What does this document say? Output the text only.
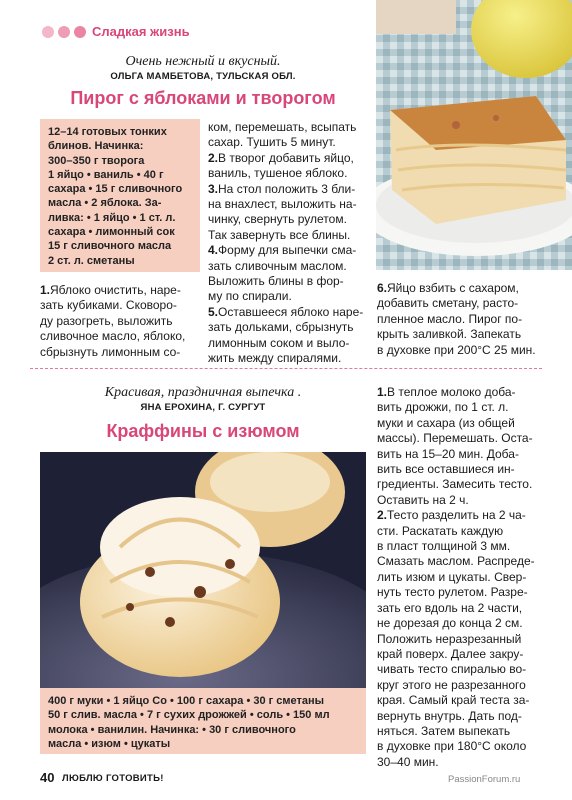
Сладкая жизнь
Очень нежный и вкусный.
ОЛЬГА МАМБЕТОВА, ТУЛЬСКАЯ ОБЛ.
Пирог с яблоками и творогом
12–14 готовых тонких
блинов. Начинка:
300–350 г творога
1 яйцо • ваниль • 40 г
сахара • 15 г сливочного
масла • 2 яблока. За-
ливка: • 1 яйцо • 1 ст. л.
сахара • лимонный сок
15 г сливочного масла
2 ст. л. сметаны

1.Яблоко очистить, наре-

зать кубиками. Сковоро-

ду разогреть, выложить

сливочное масло, яблоко,

сбрызнуть лимонным со-

ком, перемешать, всыпать

сахар. Тушить 5 минут.

2.В творог добавить яйцо,

ваниль, тушеное яблоко.

3.На стол положить 3 бли-

на внахлест, выложить на-

чинку, свернуть рулетом.

Так завернуть все блины.

4.Форму для выпечки сма-

зать сливочным маслом.

Выложить блины в фор-

му по спирали.

5.Оставшееся яблоко наре-

зать дольками, сбрызнуть

лимонным соком и выло-

жить между спиралями.

6.Яйцо взбить с сахаром,

добавить сметану, расто-

пленное масло. Пирог по-

крыть заливкой. Запекать

в духовке при 200°С 25 мин.

Красивая, праздничная выпечка .
ЯНА ЕРОХИНА, Г. СУРГУТ
Краффины с изюмом
400 г муки • 1 яйцо Со • 100 г сахара • 30 г сметаны
50 г слив. масла • 7 г сухих дрожжей • соль • 150 мл
молока • ванилин. Начинка: • 30 г сливочного
масла • изюм • цукаты

1.В теплое молоко доба-

вить дрожжи, по 1 ст. л.

муки и сахара (из общей

массы). Перемешать. Оста-

вить на 15–20 мин. Доба-

вить все оставшиеся ин-

гредиенты. Замесить тесто.

Оставить на 2 ч.

2.Тесто разделить на 2 ча-

сти. Раскатать каждую

в пласт толщиной 3 мм.

Смазать маслом. Распреде-

лить изюм и цукаты. Свер-

нуть тесто рулетом. Разре-

зать его вдоль на 2 части,

не дорезая до конца 2 см.

Положить неразрезанный

край поверх. Далее закру-

чивать тесто спиралью во-

круг этого не разрезанного

края. Самый край теста за-

вернуть внутрь. Дать под-

няться. Затем выпекать

в духовке при 180°С около

30–40 мин.

40 ЛЮБЛЮ ГОТОВИТЬ!	PassionForum.ru
